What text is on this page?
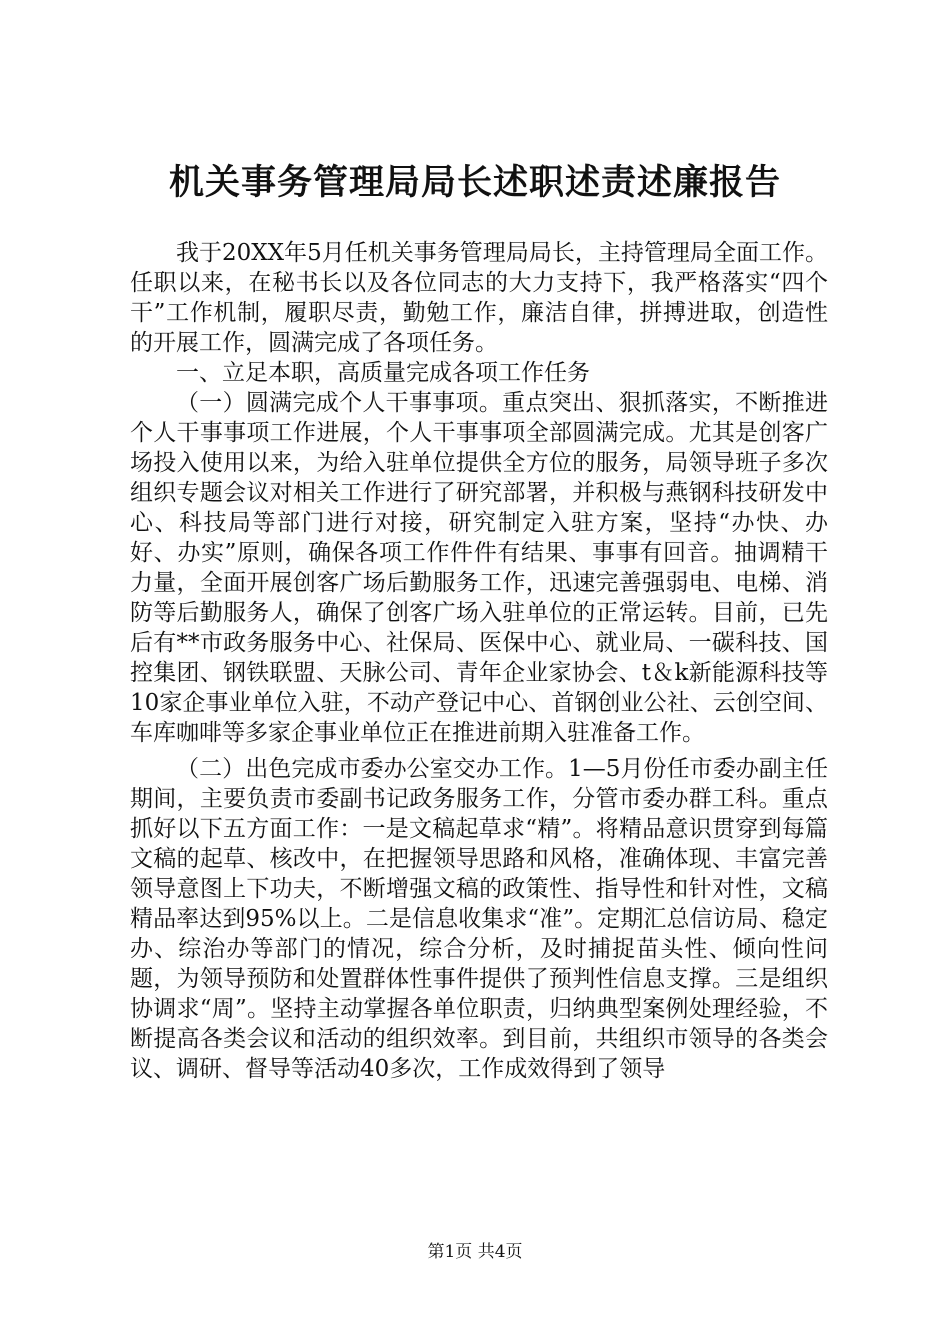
机关事务管理局局长述职述责述廉报告

我于20XX年5月任机关事务管理局局长，主持管理局全面工作。任职以来，在秘书长以及各位同志的大力支持下，我严格落实“四个干”工作机制，履职尽责，勤勉工作，廉洁自律，拼搏进取，创造性的开展工作，圆满完成了各项任务。

一、立足本职，高质量完成各项工作任务

（一）圆满完成个人干事事项。重点突出、狠抓落实，不断推进个人干事事项工作进展，个人干事事项全部圆满完成。尤其是创客广场投入使用以来，为给入驻单位提供全方位的服务，局领导班子多次组织专题会议对相关工作进行了研究部署，并积极与燕钢科技研发中心、科技局等部门进行对接，研究制定入驻方案，坚持“办快、办好、办实”原则，确保各项工作件件有结果、事事有回音。抽调精干力量，全面开展创客广场后勤服务工作，迅速完善强弱电、电梯、消防等后勤服务人，确保了创客广场入驻单位的正常运转。目前，已先后有**市政务服务中心、社保局、医保中心、就业局、一碳科技、国控集团、钢铁联盟、天脉公司、青年企业家协会、t＆k新能源科技等10家企事业单位入驻，不动产登记中心、首钢创业公社、云创空间、车库咖啡等多家企事业单位正在推进前期入驻准备工作。

（二）出色完成市委办公室交办工作。1—5月份任市委办副主任期间，主要负责市委副书记政务服务工作，分管市委办群工科。重点抓好以下五方面工作：一是文稿起草求“精”。将精品意识贯穿到每篇文稿的起草、核改中，在把握领导思路和风格，准确体现、丰富完善领导意图上下功夫，不断增强文稿的政策性、指导性和针对性，文稿精品率达到95%以上。二是信息收集求“准”。定期汇总信访局、稳定办、综治办等部门的情况，综合分析，及时捕捉苗头性、倾向性问题，为领导预防和处置群体性事件提供了预判性信息支撑。三是组织协调求“周”。坚持主动掌握各单位职责，归纳典型案例处理经验，不断提高各类会议和活动的组织效率。到目前，共组织市领导的各类会议、调研、督导等活动40多次，工作成效得到了领导

第1页 共4页
